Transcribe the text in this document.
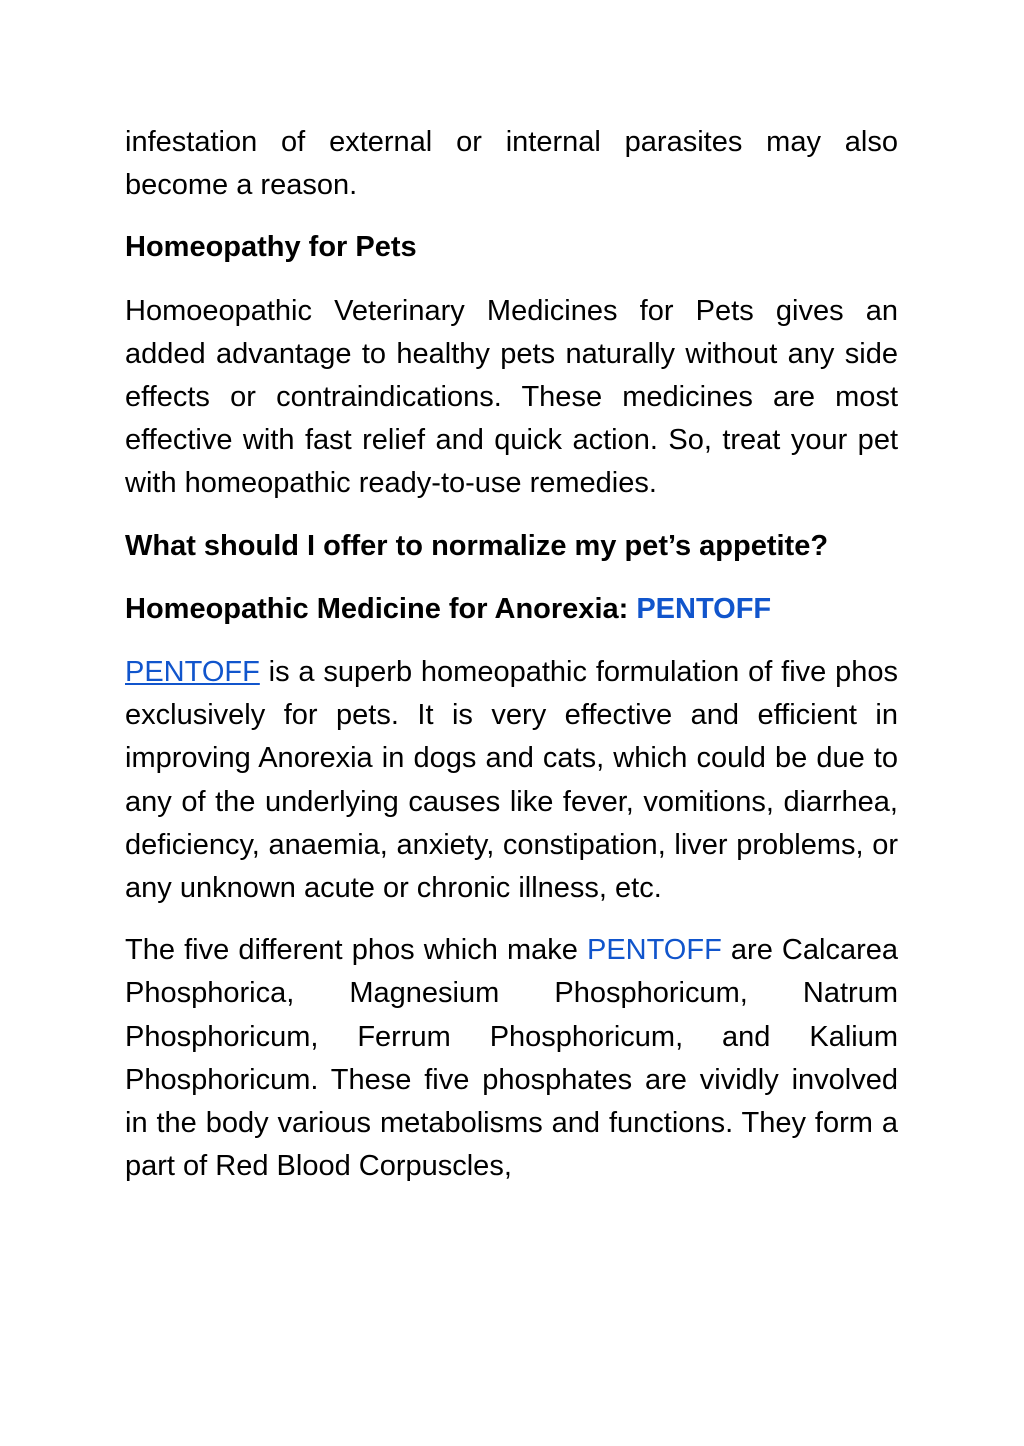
infestation of external or internal parasites may also become a reason.

Homeopathy for Pets

Homoeopathic Veterinary Medicines for Pets gives an added advantage to healthy pets naturally without any side effects or contraindications. These medicines are most effective with fast relief and quick action. So, treat your pet with homeopathic ready-to-use remedies.

What should I offer to normalize my pet’s appetite?

Homeopathic Medicine for Anorexia: PENTOFF

PENTOFF is a superb homeopathic formulation of five phos exclusively for pets. It is very effective and efficient in improving Anorexia in dogs and cats, which could be due to any of the underlying causes like fever, vomitions, diarrhea, deficiency, anaemia, anxiety, constipation, liver problems, or any unknown acute or chronic illness, etc.

The five different phos which make PENTOFF are Calcarea Phosphorica, Magnesium Phosphoricum, Natrum Phosphoricum, Ferrum Phosphoricum, and Kalium Phosphoricum. These five phosphates are vividly involved in the body various metabolisms and functions. They form a part of Red Blood Corpuscles,
